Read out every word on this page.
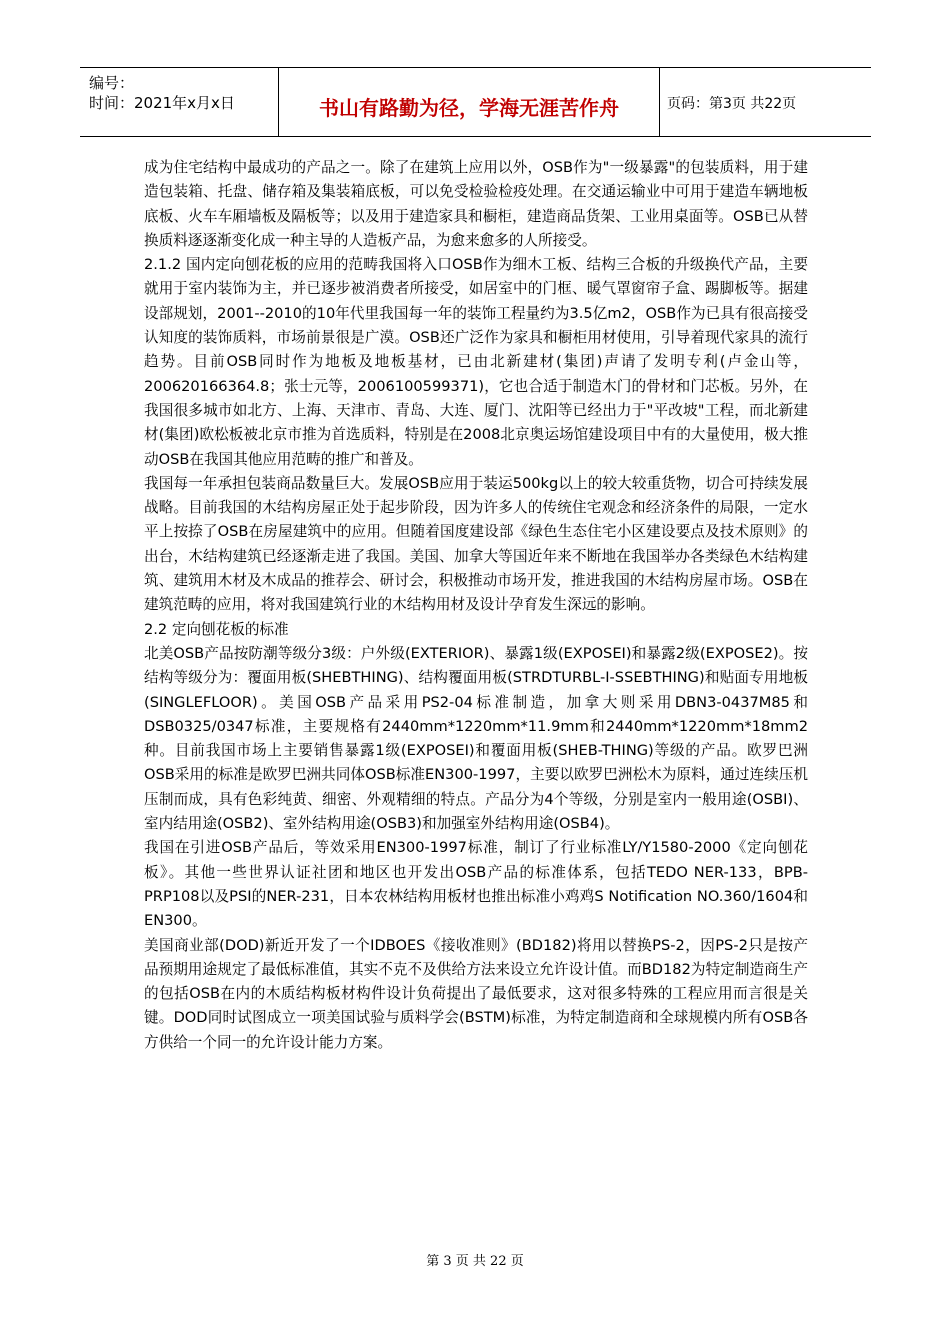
编号：
时间：2021年x月x日	书山有路勤为径，学海无涯苦作舟	页码：第3页 共22页

成为住宅结构中最成功的产品之一。除了在建筑上应用以外，OSB作为"一级暴露"的包装质料，用于建造包装箱、托盘、储存箱及集装箱底板，可以免受检验检疫处理。在交通运输业中可用于建造车辆地板底板、火车车厢墙板及隔板等；以及用于建造家具和橱柜，建造商品货架、工业用桌面等。OSB已从替换质料逐逐渐变化成一种主导的人造板产品，为愈来愈多的人所接受。

2.1.2 国内定向刨花板的应用的范畴我国将入口OSB作为细木工板、结构三合板的升级换代产品，主要就用于室内装饰为主，并已逐步被消费者所接受，如居室中的门框、暖气罩窗帘子盒、踢脚板等。据建设部规划，2001--2010的10年代里我国每一年的装饰工程量约为3.5亿m2，OSB作为已具有很高接受认知度的装饰质料，市场前景很是广漠。OSB还广泛作为家具和橱柜用材使用，引导着现代家具的流行趋势。目前OSB同时作为地板及地板基材，已由北新建材(集团)声请了发明专利(卢金山等，200620166364.8；张士元等，2006100599371)，它也合适于制造木门的骨材和门芯板。另外，在我国很多城市如北方、上海、天津市、青岛、大连、厦门、沈阳等已经出力于"平改坡"工程，而北新建材(集团)欧松板被北京市推为首选质料，特别是在2008北京奥运场馆建设项目中有的大量使用，极大推动OSB在我国其他应用范畴的推广和普及。

我国每一年承担包装商品数量巨大。发展OSB应用于装运500kg以上的较大较重货物，切合可持续发展战略。目前我国的木结构房屋正处于起步阶段，因为许多人的传统住宅观念和经济条件的局限，一定水平上按捺了OSB在房屋建筑中的应用。但随着国度建设部《绿色生态住宅小区建设要点及技术原则》的出台，木结构建筑已经逐渐走进了我国。美国、加拿大等国近年来不断地在我国举办各类绿色木结构建筑、建筑用木材及木成品的推荐会、研讨会，积极推动市场开发，推进我国的木结构房屋市场。OSB在建筑范畴的应用，将对我国建筑行业的木结构用材及设计孕育发生深远的影响。

2.2 定向刨花板的标准

北美OSB产品按防潮等级分3级：户外级(EXTERIOR)、暴露1级(EXPOSEI)和暴露2级(EXPOSE2)。按结构等级分为：覆面用板(SHEBTHING)、结构覆面用板(STRDTURBL-I-SSEBTHING)和贴面专用地板(SINGLEFLOOR)。美国OSB产品采用PS2-04标准制造，加拿大则采用DBN3-0437M85和DSB0325/0347标准，主要规格有2440mm*1220mm*11.9mm和2440mm*1220mm*18mm2种。目前我国市场上主要销售暴露1级(EXPOSEI)和覆面用板(SHEB-THING)等级的产品。欧罗巴洲OSB采用的标准是欧罗巴洲共同体OSB标准EN300-1997，主要以欧罗巴洲松木为原料，通过连续压机压制而成，具有色彩纯黄、细密、外观精细的特点。产品分为4个等级，分别是室内一般用途(OSBI)、室内结用途(OSB2)、室外结构用途(OSB3)和加强室外结构用途(OSB4)。

我国在引进OSB产品后，等效采用EN300-1997标准，制订了行业标准LY/Y1580-2000《定向刨花板》。其他一些世界认证社团和地区也开发出OSB产品的标准体系，包括TEDO NER-133，BPB-PRP108以及PSI的NER-231，日本农林结构用板材也推出标准小鸡鸡S Notification NO.360/1604和EN300。

美国商业部(DOD)新近开发了一个IDBOES《接收准则》(BD182)将用以替换PS-2，因PS-2只是按产品预期用途规定了最低标准值，其实不克不及供给方法来设立允许设计值。而BD182为特定制造商生产的包括OSB在内的木质结构板材构件设计负荷提出了最低要求，这对很多特殊的工程应用而言很是关键。DOD同时试图成立一项美国试验与质料学会(BSTM)标准，为特定制造商和全球规模内所有OSB各方供给一个同一的允许设计能力方案。

第 3 页 共 22 页
